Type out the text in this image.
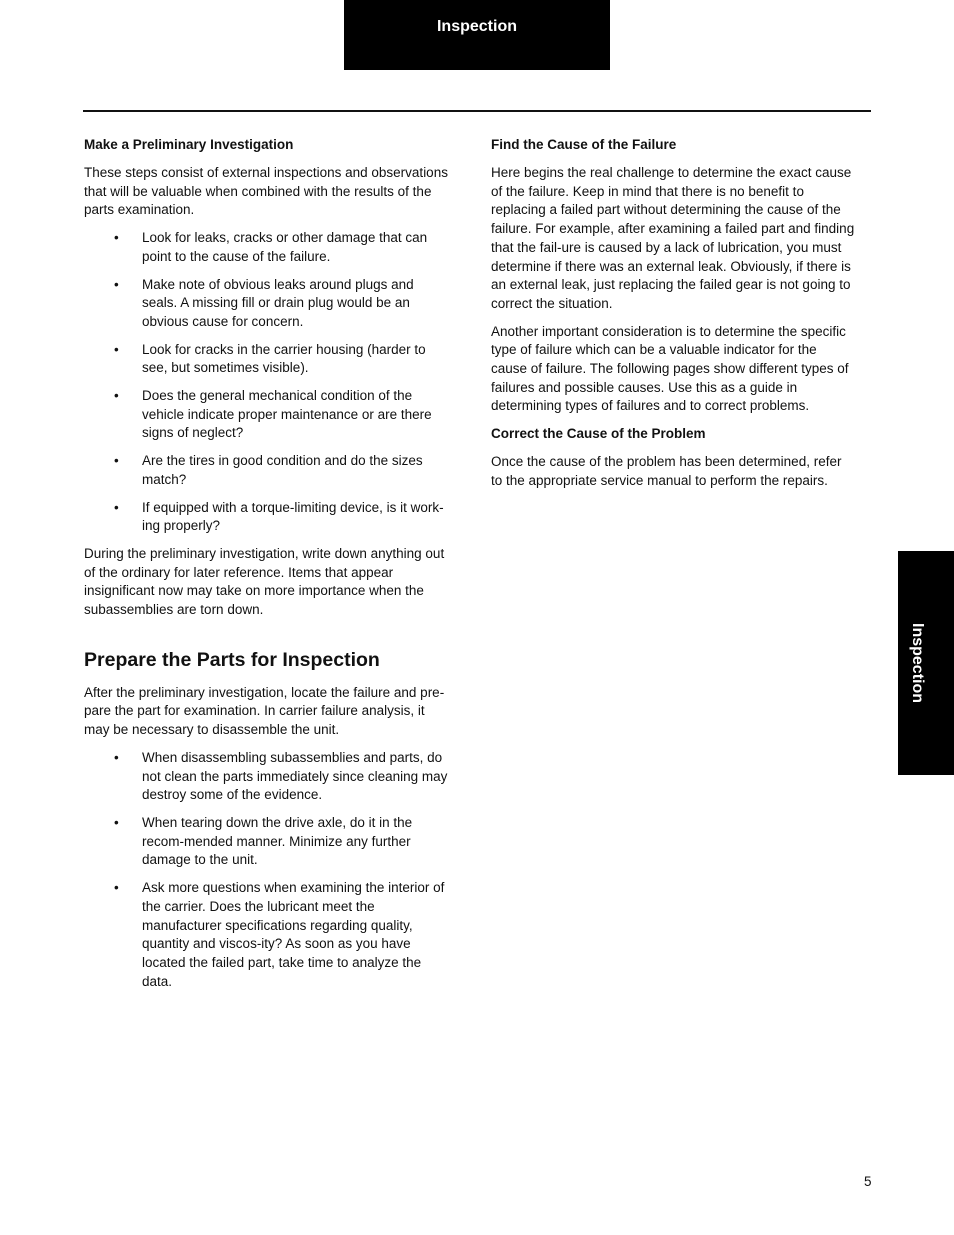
Inspection
Inspection
Make a Preliminary Investigation

These steps consist of external inspections and observations that will be valuable when combined with the results of the parts examination.

• Look for leaks, cracks or other damage that can point to the cause of the failure.
• Make note of obvious leaks around plugs and seals. A missing fill or drain plug would be an obvious cause for concern.
• Look for cracks in the carrier housing (harder to see, but sometimes visible).
• Does the general mechanical condition of the vehicle indicate proper maintenance or are there signs of neglect?
• Are the tires in good condition and do the sizes match?
• If equipped with a torque-limiting device, is it work-ing properly?

During the preliminary investigation, write down anything out of the ordinary for later reference. Items that appear insignificant now may take on more importance when the subassemblies are torn down.

Prepare the Parts for Inspection

After the preliminary investigation, locate the failure and pre-pare the part for examination. In carrier failure analysis, it may be necessary to disassemble the unit.

• When disassembling subassemblies and parts, do not clean the parts immediately since cleaning may destroy some of the evidence.
• When tearing down the drive axle, do it in the recom-mended manner. Minimize any further damage to the unit.
• Ask more questions when examining the interior of the carrier. Does the lubricant meet the manufacturer specifications regarding quality, quantity and viscos-ity? As soon as you have located the failed part, take time to analyze the data.
Find the Cause of the Failure

Here begins the real challenge to determine the exact cause of the failure. Keep in mind that there is no benefit to replacing a failed part without determining the cause of the failure. For example, after examining a failed part and finding that the fail-ure is caused by a lack of lubrication, you must determine if there was an external leak. Obviously, if there is an external leak, just replacing the failed gear is not going to correct the situation.

Another important consideration is to determine the specific type of failure which can be a valuable indicator for the cause of failure. The following pages show different types of failures and possible causes. Use this as a guide in determining types of failures and to correct problems.

Correct the Cause of the Problem

Once the cause of the problem has been determined, refer to the appropriate service manual to perform the repairs.

5
